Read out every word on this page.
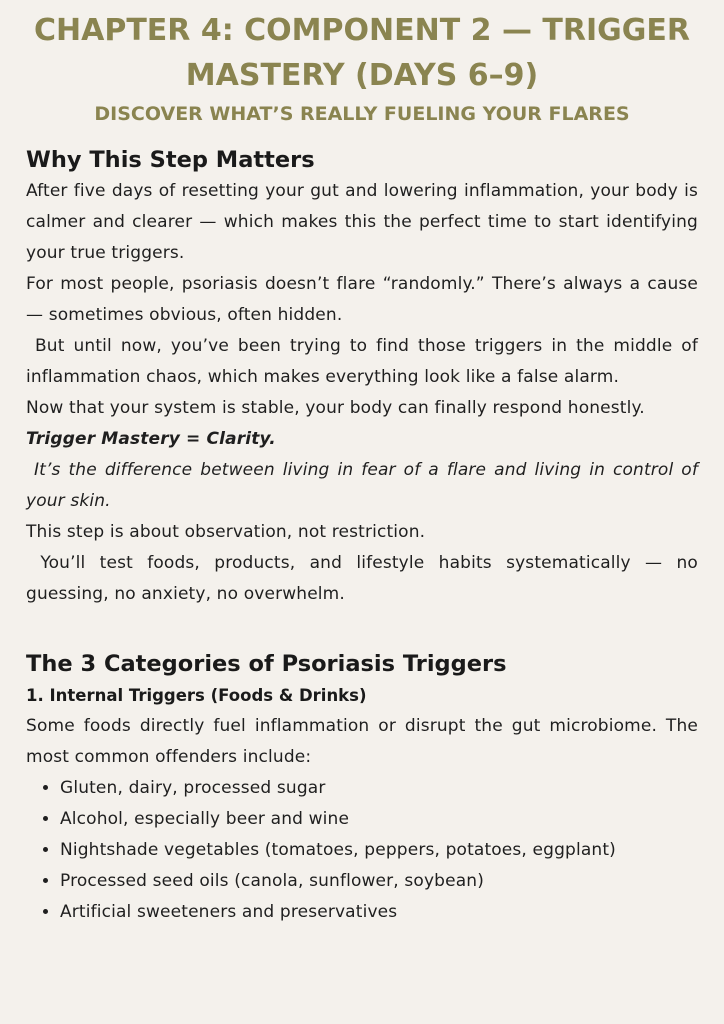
CHAPTER 4: COMPONENT 2 — TRIGGER MASTERY (DAYS 6–9)
DISCOVER WHAT’S REALLY FUELING YOUR FLARES
Why This Step Matters

After five days of resetting your gut and lowering inflammation, your body is calmer and clearer — which makes this the perfect time to start identifying your true triggers.

For most people, psoriasis doesn’t flare “randomly.” There’s always a cause — sometimes obvious, often hidden.

But until now, you’ve been trying to find those triggers in the middle of inflammation chaos, which makes everything look like a false alarm.

Now that your system is stable, your body can finally respond honestly.

Trigger Mastery = Clarity.

It’s the difference between living in fear of a flare and living in control of your skin.

This step is about observation, not restriction.

You’ll test foods, products, and lifestyle habits systematically — no guessing, no anxiety, no overwhelm.

The 3 Categories of Psoriasis Triggers
1. Internal Triggers (Foods & Drinks)

Some foods directly fuel inflammation or disrupt the gut microbiome. The most common offenders include:

• Gluten, dairy, processed sugar
• Alcohol, especially beer and wine
• Nightshade vegetables (tomatoes, peppers, potatoes, eggplant)
• Processed seed oils (canola, sunflower, soybean)
• Artificial sweeteners and preservatives
